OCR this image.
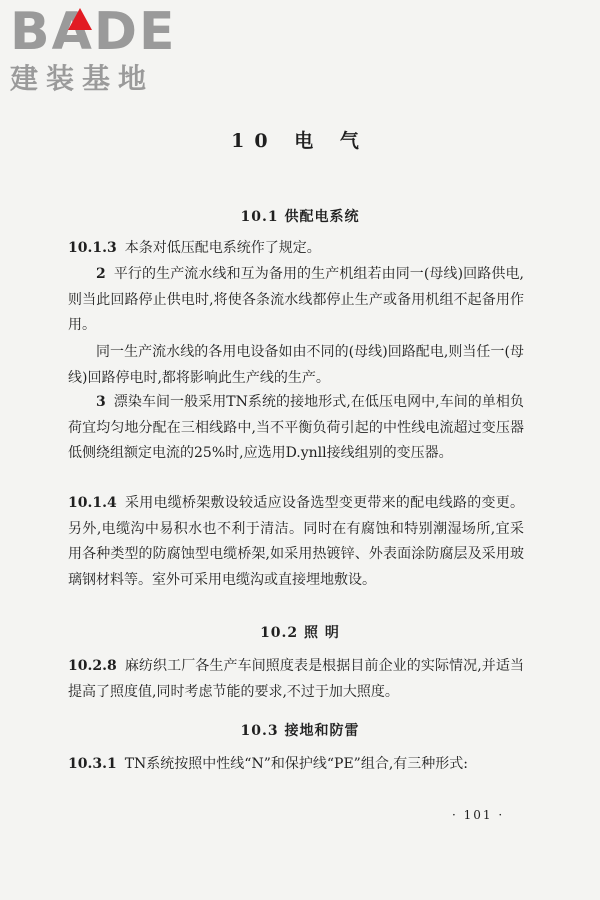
BADE
建装基地
10 电 气
10.1 供配电系统
10.1.3 本条对低压配电系统作了规定。
2 平行的生产流水线和互为备用的生产机组若由同一(母线)回路供电,则当此回路停止供电时,将使各条流水线都停止生产或备用机组不起备用作用。
同一生产流水线的各用电设备如由不同的(母线)回路配电,则当任一(母线)回路停电时,都将影响此生产线的生产。
3 漂染车间一般采用TN系统的接地形式,在低压电网中,车间的单相负荷宜均匀地分配在三相线路中,当不平衡负荷引起的中性线电流超过变压器低侧绕组额定电流的25%时,应选用D.ynll接线组别的变压器。
10.1.4 采用电缆桥架敷设较适应设备选型变更带来的配电线路的变更。另外,电缆沟中易积水也不利于清洁。同时在有腐蚀和特别潮湿场所,宜采用各种类型的防腐蚀型电缆桥架,如采用热镀锌、外表面涂防腐层及采用玻璃钢材料等。室外可采用电缆沟或直接埋地敷设。
10.2 照 明
10.2.8 麻纺织工厂各生产车间照度表是根据目前企业的实际情况,并适当提高了照度值,同时考虑节能的要求,不过于加大照度。
10.3 接地和防雷
10.3.1 TN系统按照中性线“N”和保护线“PE”组合,有三种形式:
· 101 ·
